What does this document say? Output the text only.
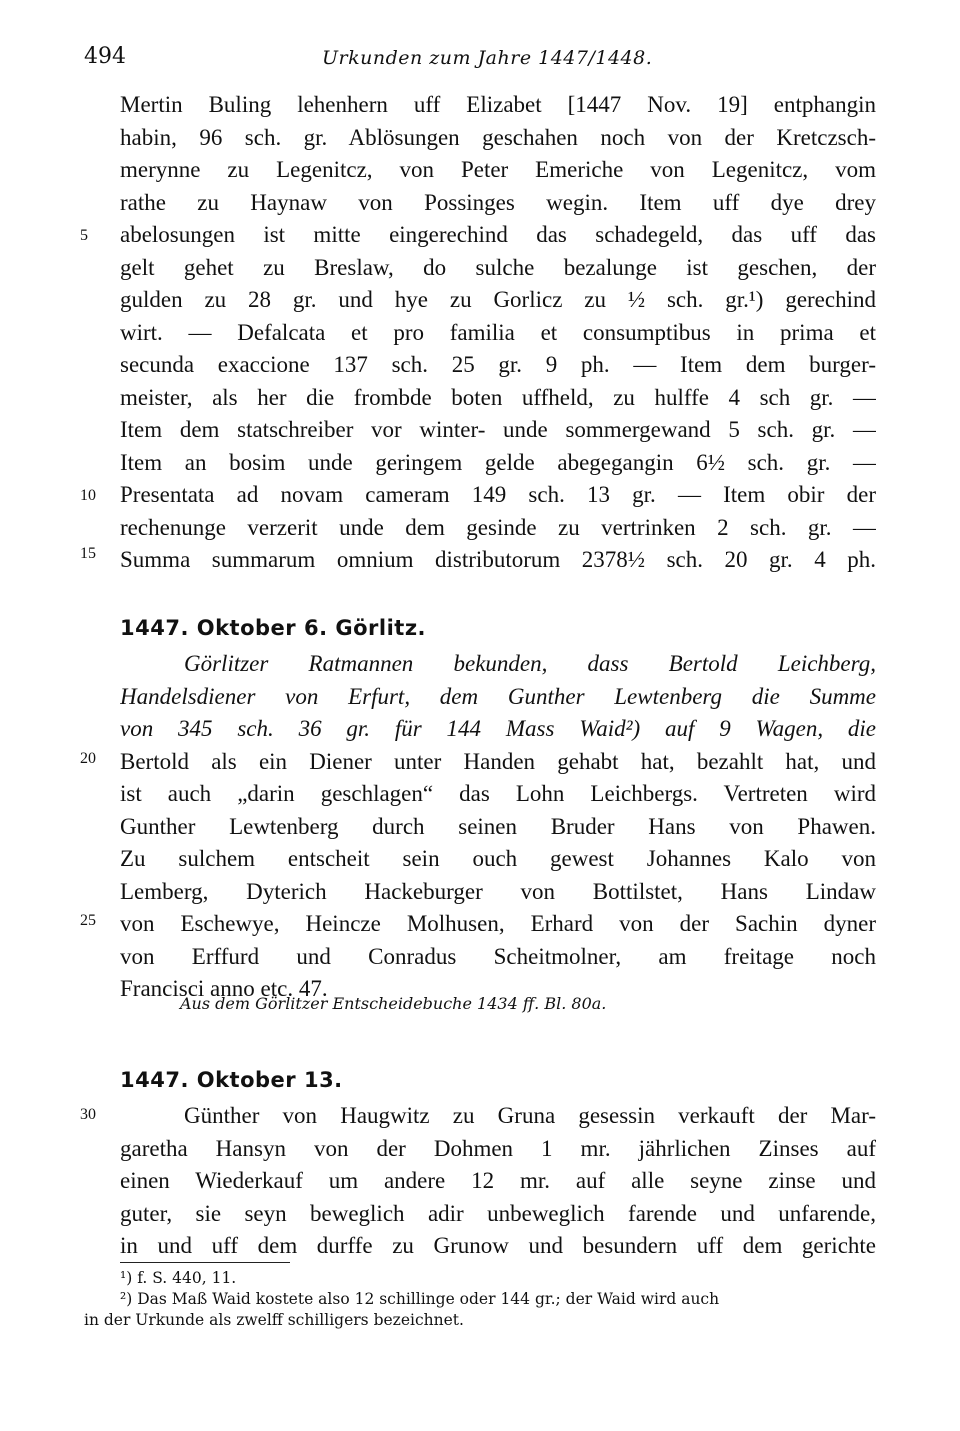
494	Urkunden zum Jahre 1447/1448.
Mertin Buling lehenhern uff Elizabet [1447 Nov. 19] entphangin
habin, 96 sch. gr. Ablösungen geschahen noch von der Kretczsch-
merynne zu Legenitcz, von Peter Emeriche von Legenitcz, vom
rathe zu Haynaw von Possinges wegin. Item uff dye drey
abelosungen ist mitte eingerechind das schadegeld, das uff das
gelt gehet zu Breslaw, do sulche bezalunge ist geschen, der
gulden zu 28 gr. und hye zu Gorlicz zu ½ sch. gr.¹) gerechind
wirt. — Defalcata et pro familia et consumptibus in prima et
secunda exaccione 137 sch. 25 gr. 9 ph. — Item dem burger-
meister, als her die frombde boten uffheld, zu hulffe 4 sch gr. —
Item dem statschreiber vor winter- unde sommergewand 5 sch. gr. —
Item an bosim unde geringem gelde abegegangin 6½ sch. gr. —
Presentata ad novam cameram 149 sch. 13 gr. — Item obir der
rechenunge verzerit unde dem gesinde zu vertrinken 2 sch. gr. —
Summa summarum omnium distributorum 2378½ sch. 20 gr. 4 ph.
5
10
15
1447. Oktober 6. Görlitz.
Görlitzer Ratmannen bekunden, dass Bertold Leichberg,
Handelsdiener von Erfurt, dem Gunther Lewtenberg die Summe
von 345 sch. 36 gr. für 144 Mass Waid²) auf 9 Wagen, die
Bertold als ein Diener unter Handen gehabt hat, bezahlt hat, und
ist auch „darin geschlagen“ das Lohn Leichbergs. Vertreten wird
Gunther Lewtenberg durch seinen Bruder Hans von Phawen.
Zu sulchem entscheit sein ouch gewest Johannes Kalo von
Lemberg, Dyterich Hackeburger von Bottilstet, Hans Lindaw
von Eschewye, Heincze Molhusen, Erhard von der Sachin dyner
von Erffurd und Conradus Scheitmolner, am freitage noch
Francisci anno etc. 47.
20
25
Aus dem Görlitzer Entscheidebuche 1434 ff. Bl. 80a.
1447. Oktober 13.
Günther von Haugwitz zu Gruna gesessin verkauft der Mar-
garetha Hansyn von der Dohmen 1 mr. jährlichen Zinses auf
einen Wiederkauf um andere 12 mr. auf alle seyne zinse und
guter, sie seyn beweglich adir unbeweglich farende und unfarende,
in und uff dem durffe zu Grunow und besundern uff dem gerichte
30
¹) f. S. 440, 11.
²) Das Maß Waid kostete also 12 schillinge oder 144 gr.; der Waid wird auch
in der Urkunde als zwelff schilligers bezeichnet.
